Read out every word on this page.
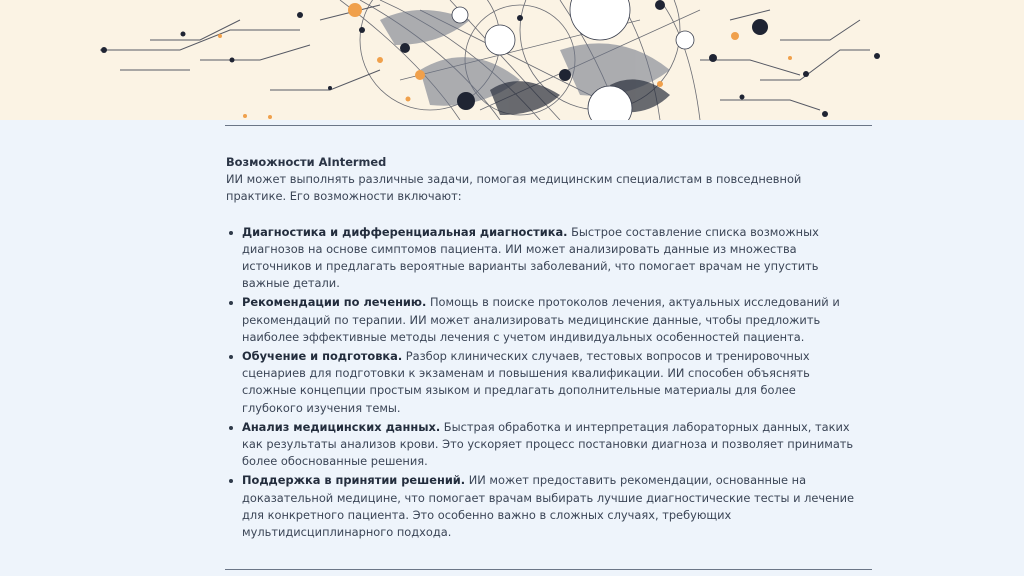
Возможности AIntermed

ИИ может выполнять различные задачи, помогая медицинским специалистам в повседневной практике. Его возможности включают:

Диагностика и дифференциальная диагностика. Быстрое составление списка возможных диагнозов на основе симптомов пациента. ИИ может анализировать данные из множества источников и предлагать вероятные варианты заболеваний, что помогает врачам не упустить важные детали.
Рекомендации по лечению. Помощь в поиске протоколов лечения, актуальных исследований и рекомендаций по терапии. ИИ может анализировать медицинские данные, чтобы предложить наиболее эффективные методы лечения с учетом индивидуальных особенностей пациента.
Обучение и подготовка. Разбор клинических случаев, тестовых вопросов и тренировочных сценариев для подготовки к экзаменам и повышения квалификации. ИИ способен объяснять сложные концепции простым языком и предлагать дополнительные материалы для более глубокого изучения темы.
Анализ медицинских данных. Быстрая обработка и интерпретация лабораторных данных, таких как результаты анализов крови. Это ускоряет процесс постановки диагноза и позволяет принимать более обоснованные решения.
Поддержка в принятии решений. ИИ может предоставить рекомендации, основанные на доказательной медицине, что помогает врачам выбирать лучшие диагностические тесты и лечение для конкретного пациента. Это особенно важно в сложных случаях, требующих мультидисциплинарного подхода.
